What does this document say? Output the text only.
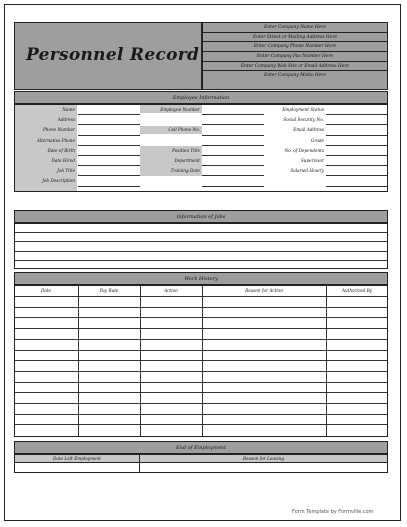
Personnel Record
Enter Company Name Here
Enter Street or Mailing Address Here
Enter Company Phone Number Here
Enter Company Fax Number Here
Enter Company Web Site or Email Address Here
Enter Company Motto Here
Employee Information
Name	Employee Number	Employment Status
Address	Social Security No.
Phone Number	Cell Phone No.	Email Address
Alternative Phone	Grade
Date of Birth	Position Title	No. of Dependents
Date Hired	Department	Supervisor
Job Title	Training Date	Salaried Hourly
Job Description
Information of Jobs
Work History
Date	Pay Rate	Action	Reason for Action	Authorized By
End of Employment
Date Left Employment	Reason for Leaving
Form Template by Formville.com
